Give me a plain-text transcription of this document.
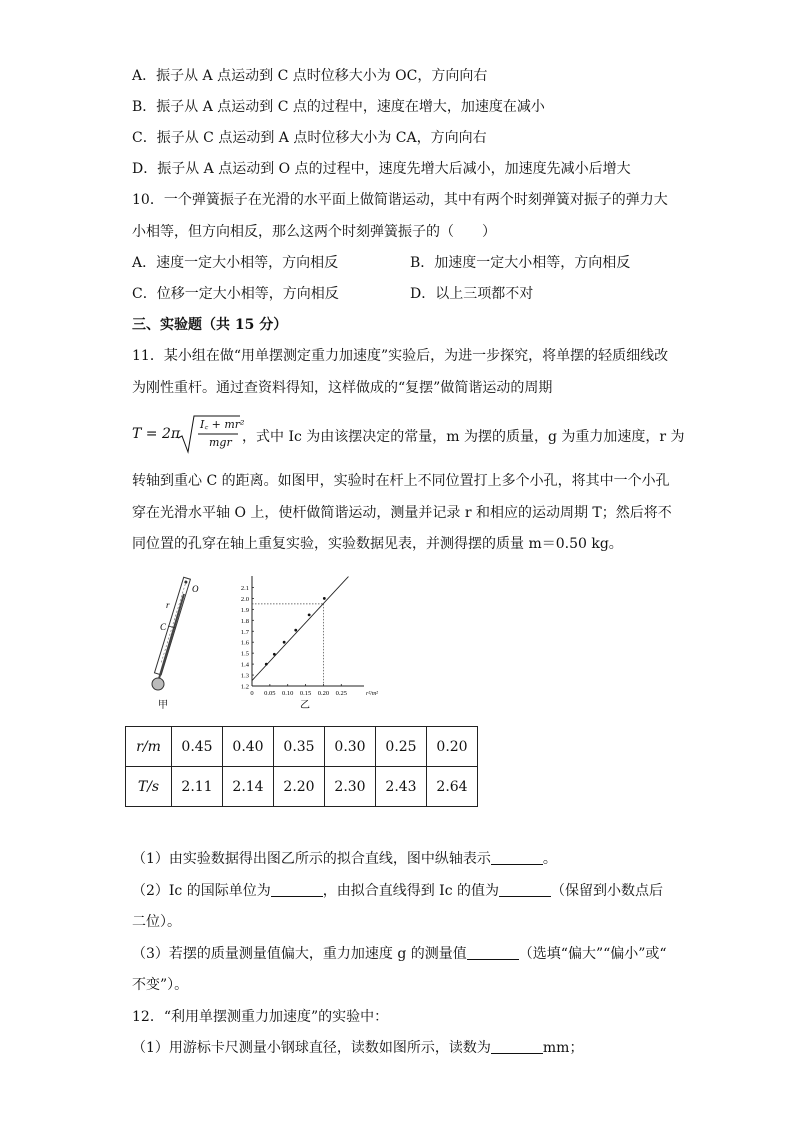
A．振子从 A 点运动到 C 点时位移大小为 OC，方向向右
B．振子从 A 点运动到 C 点的过程中，速度在增大，加速度在减小
C．振子从 C 点运动到 A 点时位移大小为 CA，方向向右
D．振子从 A 点运动到 O 点的过程中，速度先增大后减小，加速度先减小后增大
10．一个弹簧振子在光滑的水平面上做简谐运动，其中有两个时刻弹簧对振子的弹力大
小相等，但方向相反，那么这两个时刻弹簧振子的（　　）
A．速度一定大小相等，方向相反	B．加速度一定大小相等，方向相反
C．位移一定大小相等，方向相反	D．以上三项都不对
三、实验题（共 15 分）
11．某小组在做“用单摆测定重力加速度”实验后，为进一步探究，将单摆的轻质细线改
为刚性重杆。通过查资料得知，这样做成的“复摆”做简谐运动的周期
T = 2π
I꜀ + mr²
mgr ，式中 Ic 为由该摆决定的常量，m 为摆的质量，g 为重力加速度，r 为
转轴到重心 C 的距离。如图甲，实验时在杆上不同位置打上多个小孔，将其中一个小孔
穿在光滑水平轴 O 上，使杆做简谐运动，测量并记录 r 和相应的运动周期 T；然后将不
同位置的孔穿在轴上重复实验，实验数据见表，并测得摆的质量 m＝0.50 kg。
O
r
C
甲
1.2
1.3
1.4
1.5
1.6
1.7
1.8
1.9
2.0
2.1
0 0.05 0.10 0.15 0.20 0.25	r²/m²
乙
r/m	0.45	0.40	0.35	0.30	0.25	0.20
T/s	2.11	2.14	2.20	2.30	2.43	2.64
（1）由实验数据得出图乙所示的拟合直线，图中纵轴表示	。
（2）Ic 的国际单位为	，由拟合直线得到 Ic 的值为	（保留到小数点后
二位）。
（3）若摆的质量测量值偏大，重力加速度 g 的测量值	（选填“偏大”“偏小”或“
不变”）。
12．“利用单摆测重力加速度”的实验中：
（1）用游标卡尺测量小钢球直径，读数如图所示，读数为	mm；
